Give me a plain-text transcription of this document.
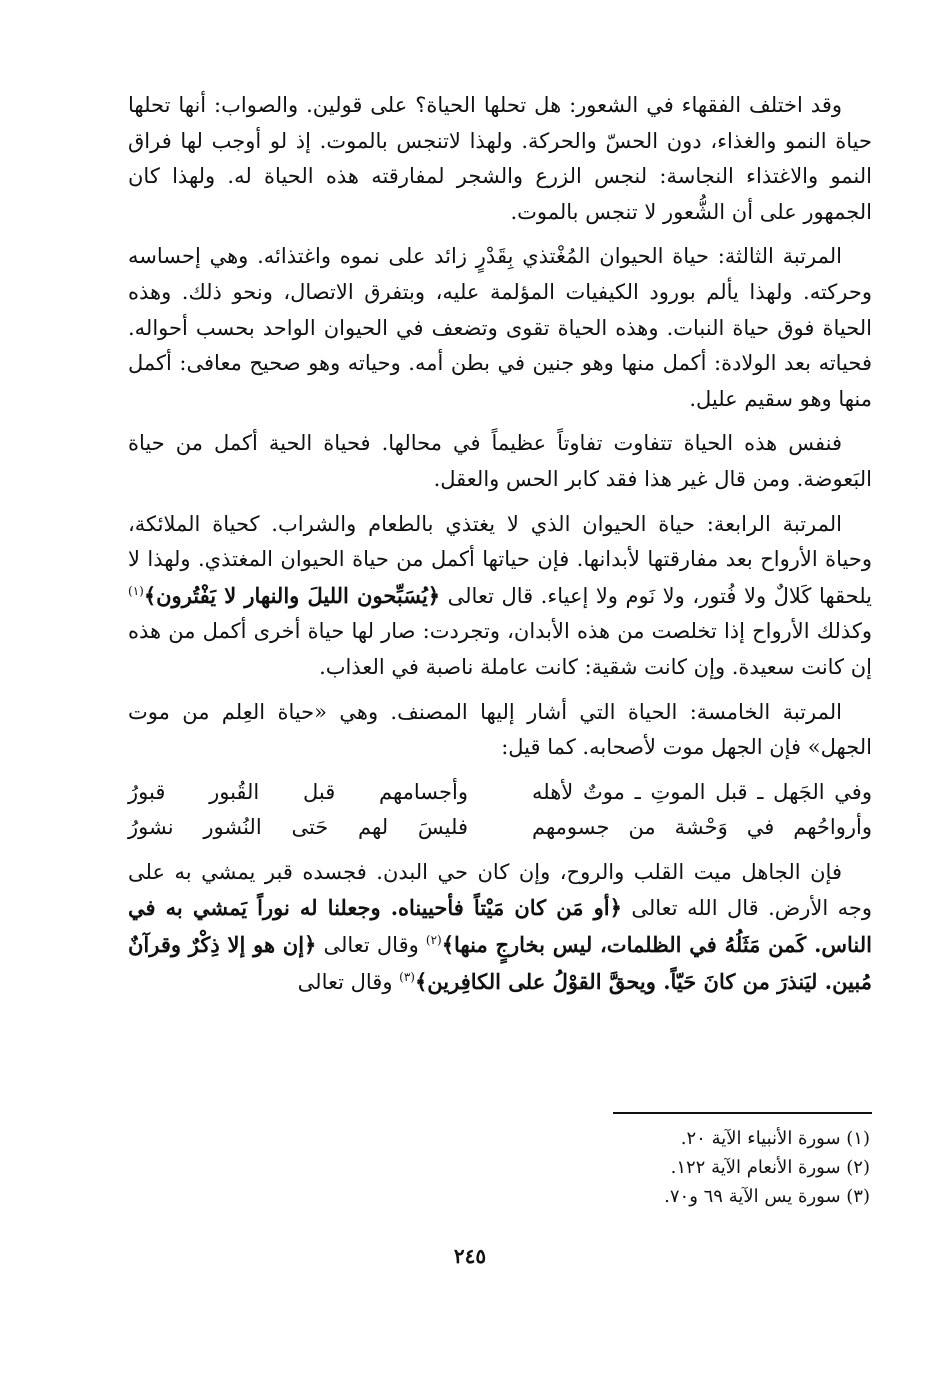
وقد اختلف الفقهاء في الشعور: هل تحلها الحياة؟ على قولين. والصواب: أنها تحلها حياة النمو والغذاء، دون الحسّ والحركة. ولهذا لاتنجس بالموت. إذ لو أوجب لها فراق النمو والاغتذاء النجاسة: لنجس الزرع والشجر لمفارقته هذه الحياة له. ولهذا كان الجمهور على أن الشُّعور لا تنجس بالموت.

المرتبة الثالثة: حياة الحيوان المُغْتذي بِقَدْرٍ زائد على نموه واغتذائه. وهي إحساسه وحركته. ولهذا يألم بورود الكيفيات المؤلمة عليه، وبتفرق الاتصال، ونحو ذلك. وهذه الحياة فوق حياة النبات. وهذه الحياة تقوى وتضعف في الحيوان الواحد بحسب أحواله. فحياته بعد الولادة: أكمل منها وهو جنين في بطن أمه. وحياته وهو صحيح معافى: أكمل منها وهو سقيم عليل.

فنفس هذه الحياة تتفاوت تفاوتاً عظيماً في محالها. فحياة الحية أكمل من حياة البَعوضة. ومن قال غير هذا فقد كابر الحس والعقل.

المرتبة الرابعة: حياة الحيوان الذي لا يغتذي بالطعام والشراب. كحياة الملائكة، وحياة الأرواح بعد مفارقتها لأبدانها. فإن حياتها أكمل من حياة الحيوان المغتذي. ولهذا لا يلحقها كَلالٌ ولا فُتور، ولا نَوم ولا إعياء. قال تعالى ﴿يُسَبِّحون الليلَ والنهار لا يَفْتُرون﴾$^{(١)}$ وكذلك الأرواح إذا تخلصت من هذه الأبدان، وتجردت: صار لها حياة أخرى أكمل من هذه إن كانت سعيدة. وإن كانت شقية: كانت عاملة ناصبة في العذاب.

المرتبة الخامسة: الحياة التي أشار إليها المصنف. وهي «حياة العِلم من موت الجهل» فإن الجهل موت لأصحابه. كما قيل:

وفي الجَهل ـ قبل الموتِ ـ موتٌ لأهله
وأجسامهم قبل القُبور قبورُ
وأرواحُهم في وَحْشة من جسومهم
فليسَ لهم حَتى النُشور نشورُ

فإن الجاهل ميت القلب والروح، وإن كان حي البدن. فجسده قبر يمشي به على وجه الأرض. قال الله تعالى ﴿أو مَن كان مَيْتاً فأحييناه. وجعلنا له نوراً يَمشي به في الناس. كَمن مَثَلُهُ في الظلمات، ليس بخارجٍ منها﴾$^{(٢)}$ وقال تعالى ﴿إن هو إلا ذِكْرٌ وقرآنٌ مُبين. ليَنذرَ من كانَ حَيّاً. ويحقَّ القوْلُ على الكافِرين﴾$^{(٣)}$ وقال تعالى

(١) سورة الأنبياء الآية ٢٠.

(٢) سورة الأنعام الآية ١٢٢.

(٣) سورة يس الآية ٦٩ و٧٠.

٢٤٥
